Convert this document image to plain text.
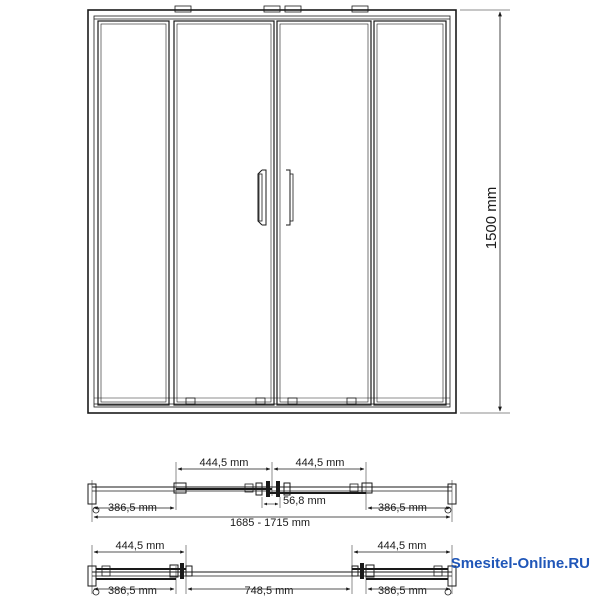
1500 mm
444,5 mm	444,5 mm
56,8 mm
386,5 mm	386,5 mm
1685 - 1715 mm
444,5 mm	444,5 mm
748,5 mm
386,5 mm	386,5 mm
Smesitel-Online.RU
